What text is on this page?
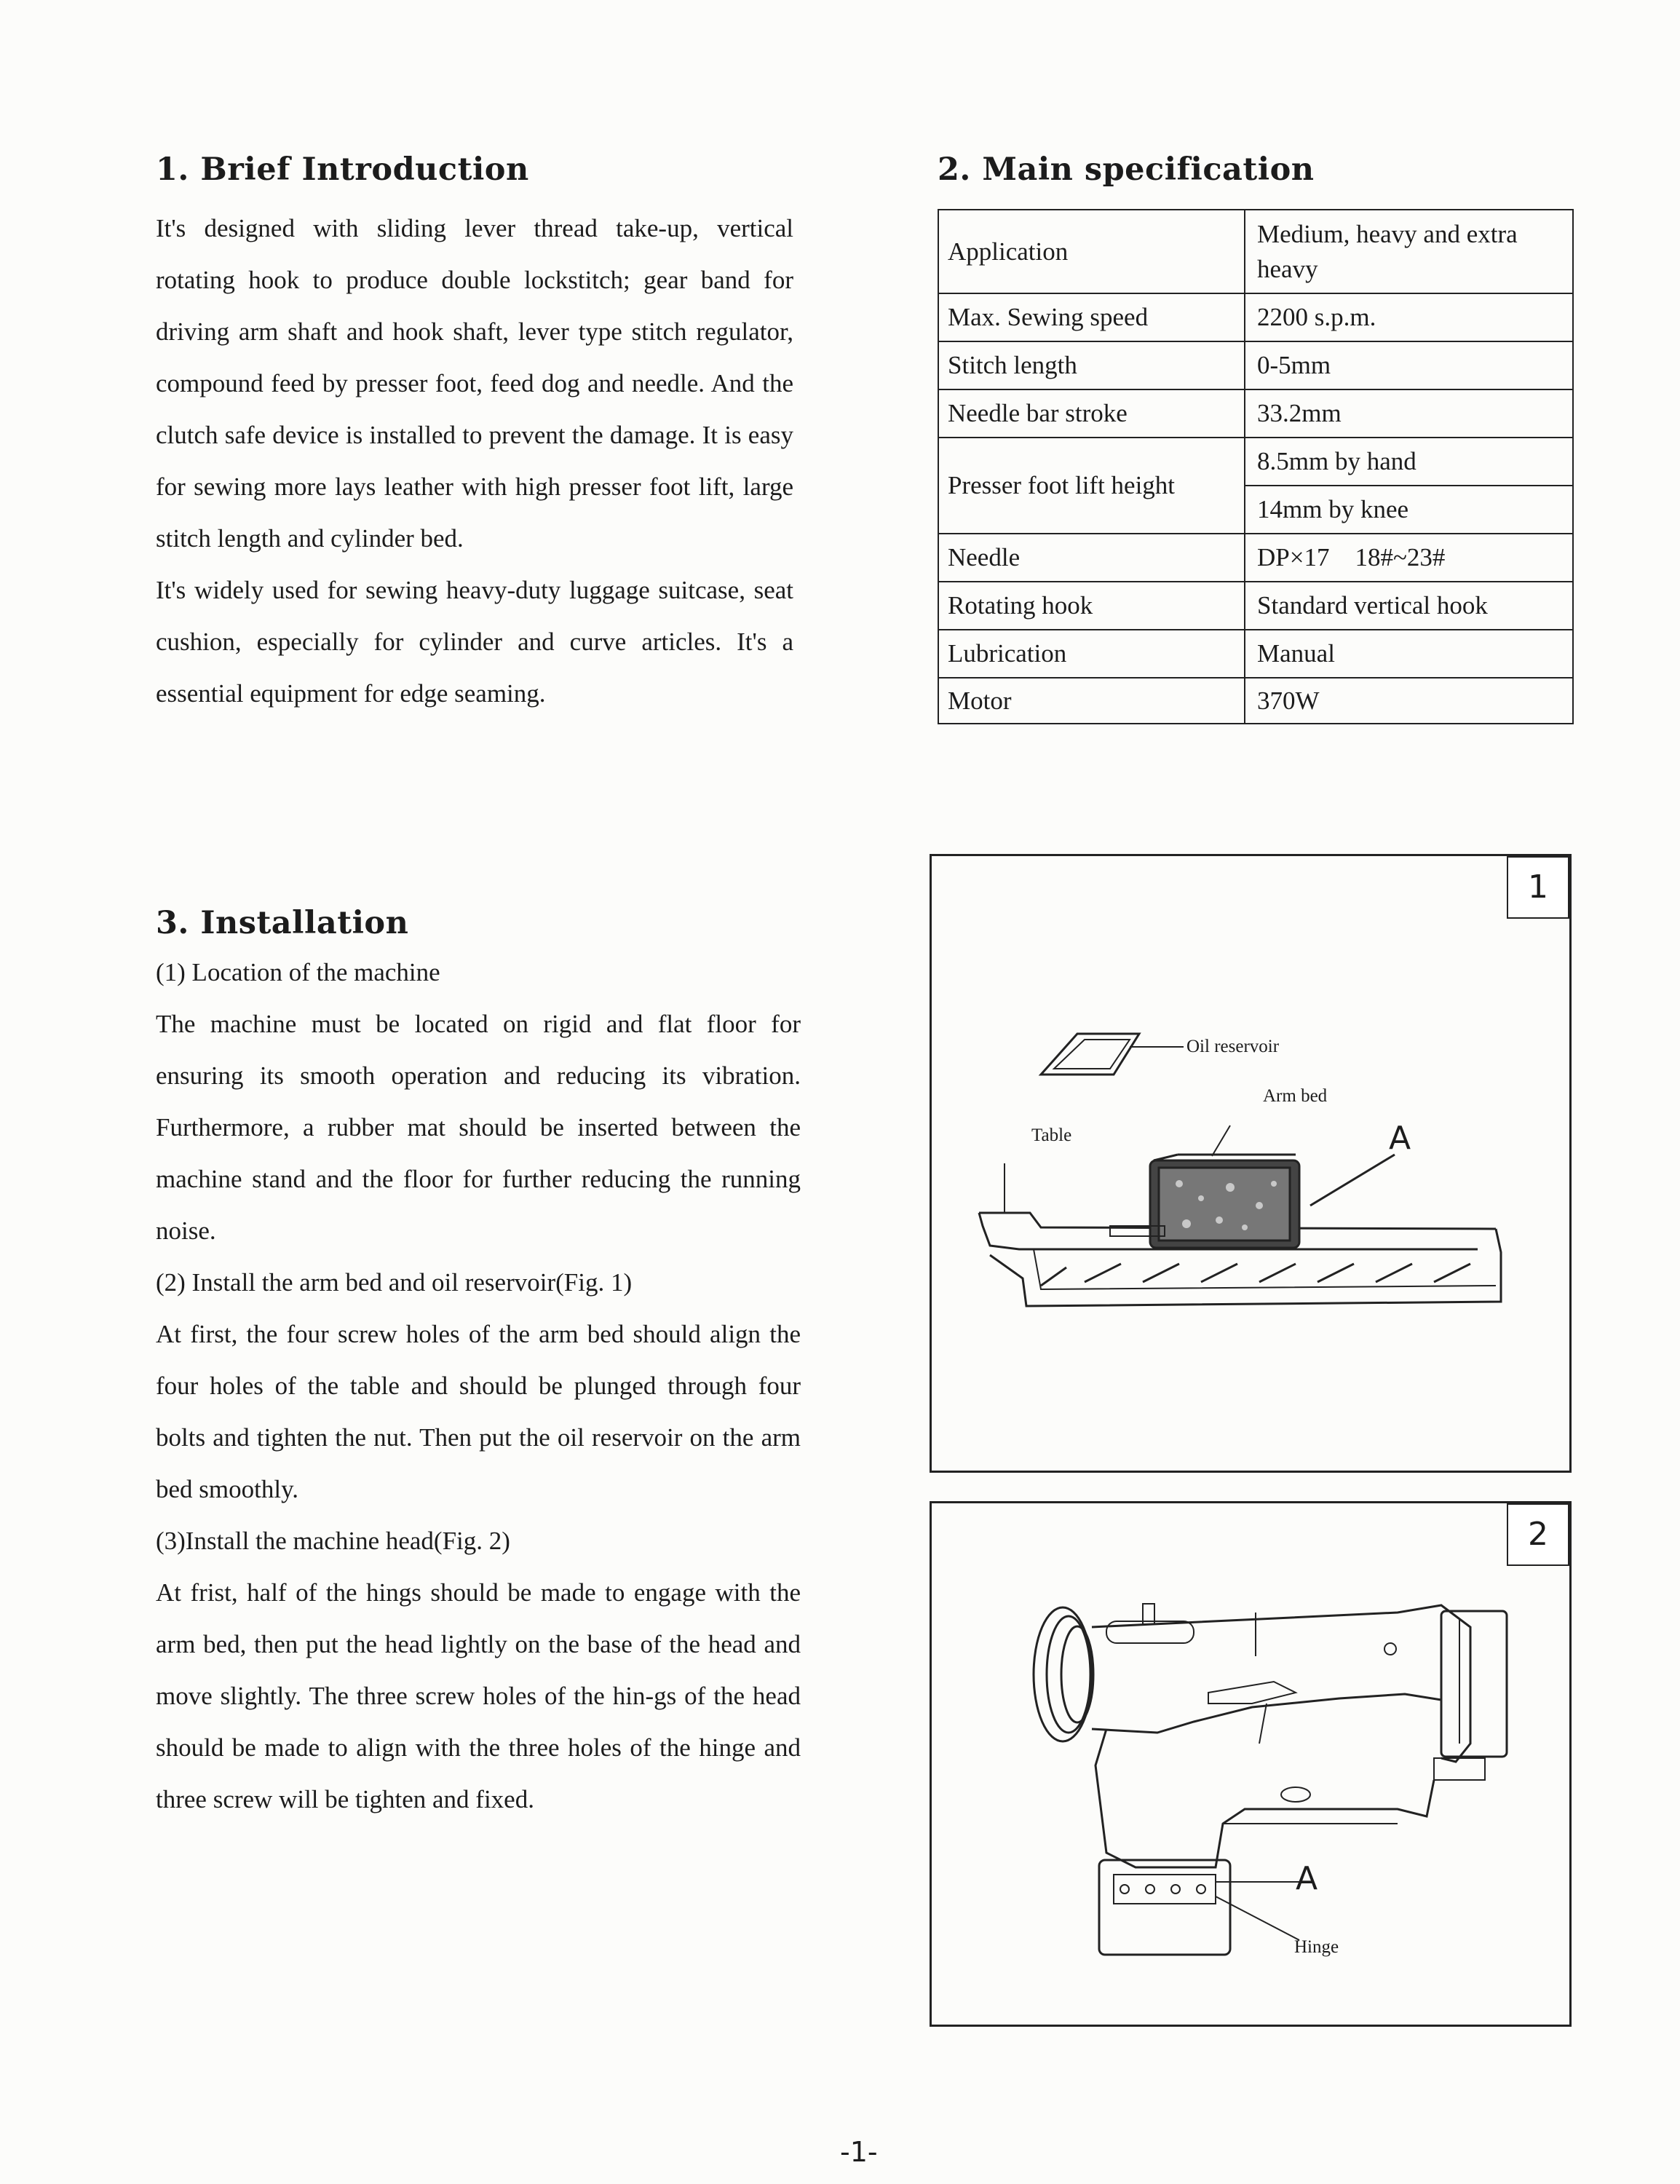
1. Brief Introduction

It's designed with sliding lever thread take-up, vertical rotating hook to produce double lockstitch; gear band for driving arm shaft and hook shaft, lever type stitch regulator, compound feed by presser foot, feed dog and needle. And the clutch safe device is installed to prevent the damage. It is easy for sewing more lays leather with high presser foot lift, large stitch length and cylinder bed.

It's widely used for sewing heavy-duty luggage suitcase, seat cushion, especially for cylinder and curve articles. It's a essential equipment for edge seaming.

2. Main specification
Application	Medium, heavy and extra heavy
Max. Sewing speed	2200 s.p.m.
Stitch length	0-5mm
Needle bar stroke	33.2mm
Presser foot lift height	8.5mm by hand
	14mm by knee
Needle	DP×17    18#~23#
Rotating hook	Standard vertical hook
Lubrication	Manual
Motor	370W
3. Installation

(1) Location of the machine

The machine must be located on rigid and flat floor for ensuring its smooth operation and reducing its vibration. Furthermore, a rubber mat should be inserted between the machine stand and the floor for further reducing the running noise.

(2) Install the arm bed and oil reservoir(Fig. 1)

At first, the four screw holes of the arm bed should align the four holes of the table and should be plunged through four bolts and tighten the nut. Then put the oil reservoir on the arm bed smoothly.

(3)Install the machine head(Fig. 2)

At frist, half of the hings should be made to engage with the arm bed, then put the head lightly on the base of the head and move slightly. The three screw holes of the hin-gs of the head should be made to align with the three holes of the hinge and three screw will be tighten and fixed.

1
Oil reservoir
Arm bed
Table	A
2
A
Hinge
-1-
